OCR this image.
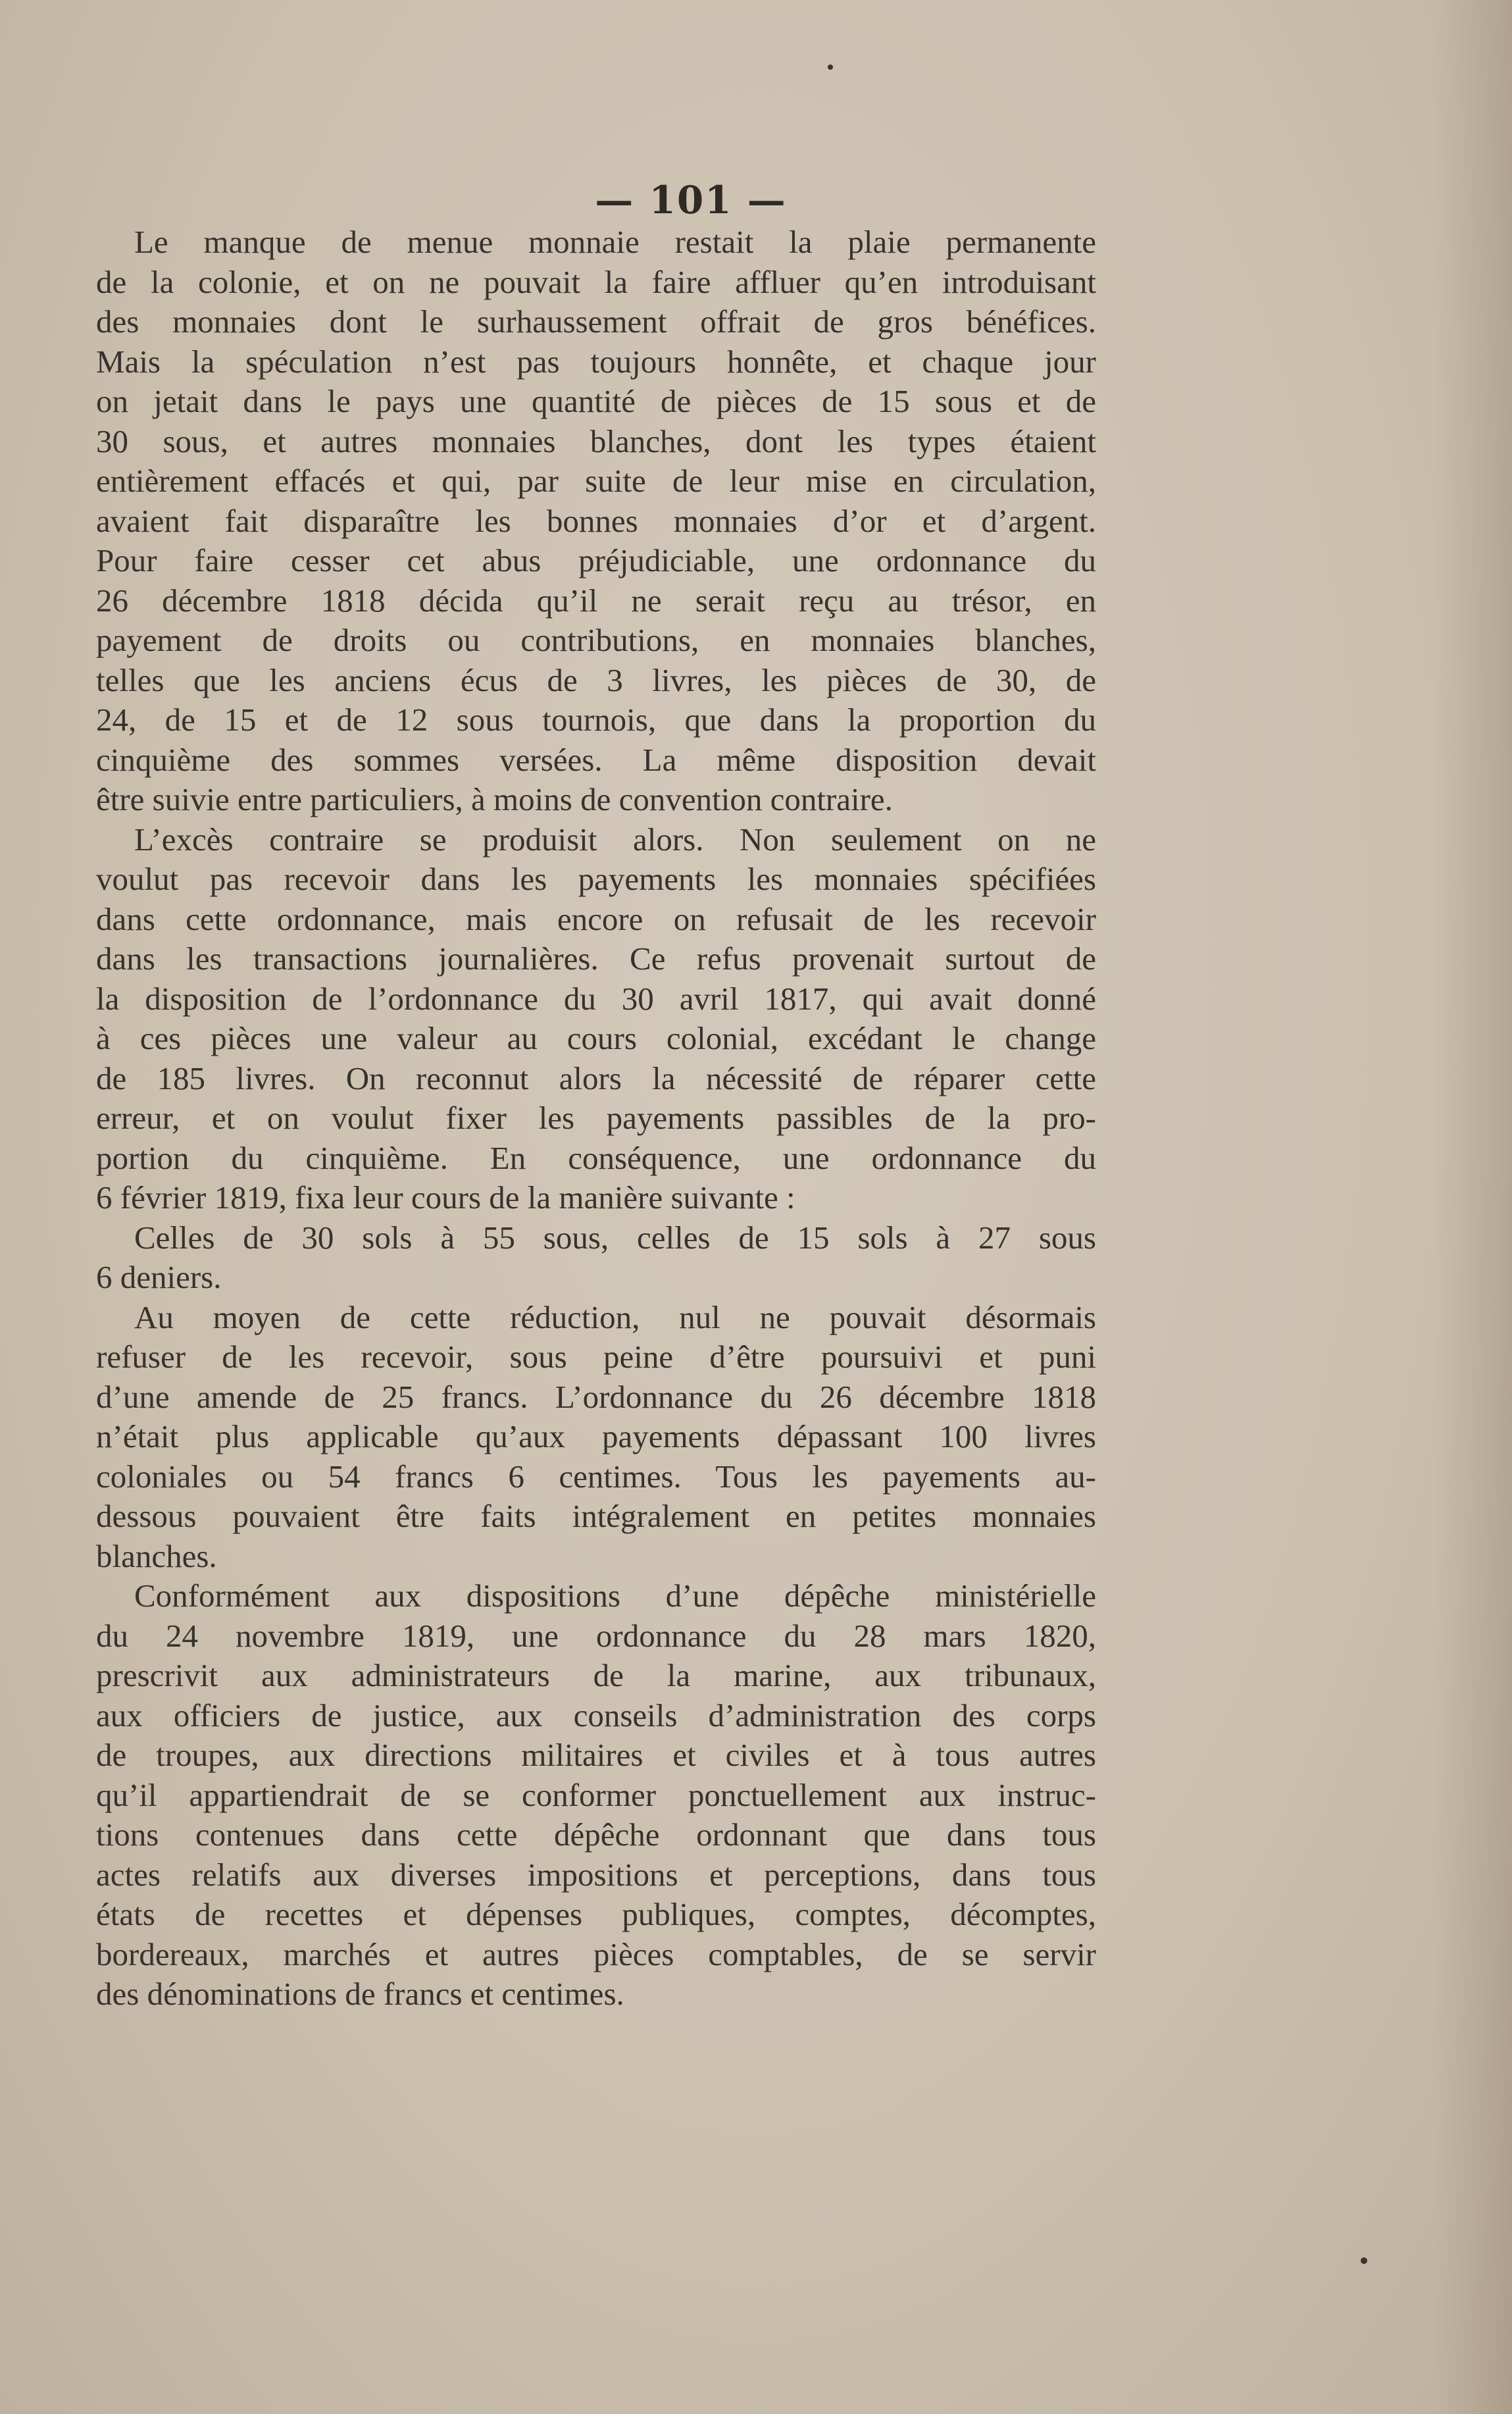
— 101 —
Le manque de menue monnaie restait la plaie permanente
de la colonie, et on ne pouvait la faire affluer qu’en introduisant
des monnaies dont le surhaussement offrait de gros bénéfices.
Mais la spéculation n’est pas toujours honnête, et chaque jour
on jetait dans le pays une quantité de pièces de 15 sous et de
30 sous, et autres monnaies blanches, dont les types étaient
entièrement effacés et qui, par suite de leur mise en circulation,
avaient fait disparaître les bonnes monnaies d’or et d’argent.
Pour faire cesser cet abus préjudiciable, une ordonnance du
26 décembre 1818 décida qu’il ne serait reçu au trésor, en
payement de droits ou contributions, en monnaies blanches,
telles que les anciens écus de 3 livres, les pièces de 30, de
24, de 15 et de 12 sous tournois, que dans la proportion du
cinquième des sommes versées. La même disposition devait
être suivie entre particuliers, à moins de convention contraire.
L’excès contraire se produisit alors. Non seulement on ne
voulut pas recevoir dans les payements les monnaies spécifiées
dans cette ordonnance, mais encore on refusait de les recevoir
dans les transactions journalières. Ce refus provenait surtout de
la disposition de l’ordonnance du 30 avril 1817, qui avait donné
à ces pièces une valeur au cours colonial, excédant le change
de 185 livres. On reconnut alors la nécessité de réparer cette
erreur, et on voulut fixer les payements passibles de la pro-
portion du cinquième. En conséquence, une ordonnance du
6 février 1819, fixa leur cours de la manière suivante :
Celles de 30 sols à 55 sous, celles de 15 sols à 27 sous
6 deniers.
Au moyen de cette réduction, nul ne pouvait désormais
refuser de les recevoir, sous peine d’être poursuivi et puni
d’une amende de 25 francs. L’ordonnance du 26 décembre 1818
n’était plus applicable qu’aux payements dépassant 100 livres
coloniales ou 54 francs 6 centimes. Tous les payements au-
dessous pouvaient être faits intégralement en petites monnaies
blanches.
Conformément aux dispositions d’une dépêche ministérielle
du 24 novembre 1819, une ordonnance du 28 mars 1820,
prescrivit aux administrateurs de la marine, aux tribunaux,
aux officiers de justice, aux conseils d’administration des corps
de troupes, aux directions militaires et civiles et à tous autres
qu’il appartiendrait de se conformer ponctuellement aux instruc-
tions contenues dans cette dépêche ordonnant que dans tous
actes relatifs aux diverses impositions et perceptions, dans tous
états de recettes et dépenses publiques, comptes, décomptes,
bordereaux, marchés et autres pièces comptables, de se servir
des dénominations de francs et centimes.
